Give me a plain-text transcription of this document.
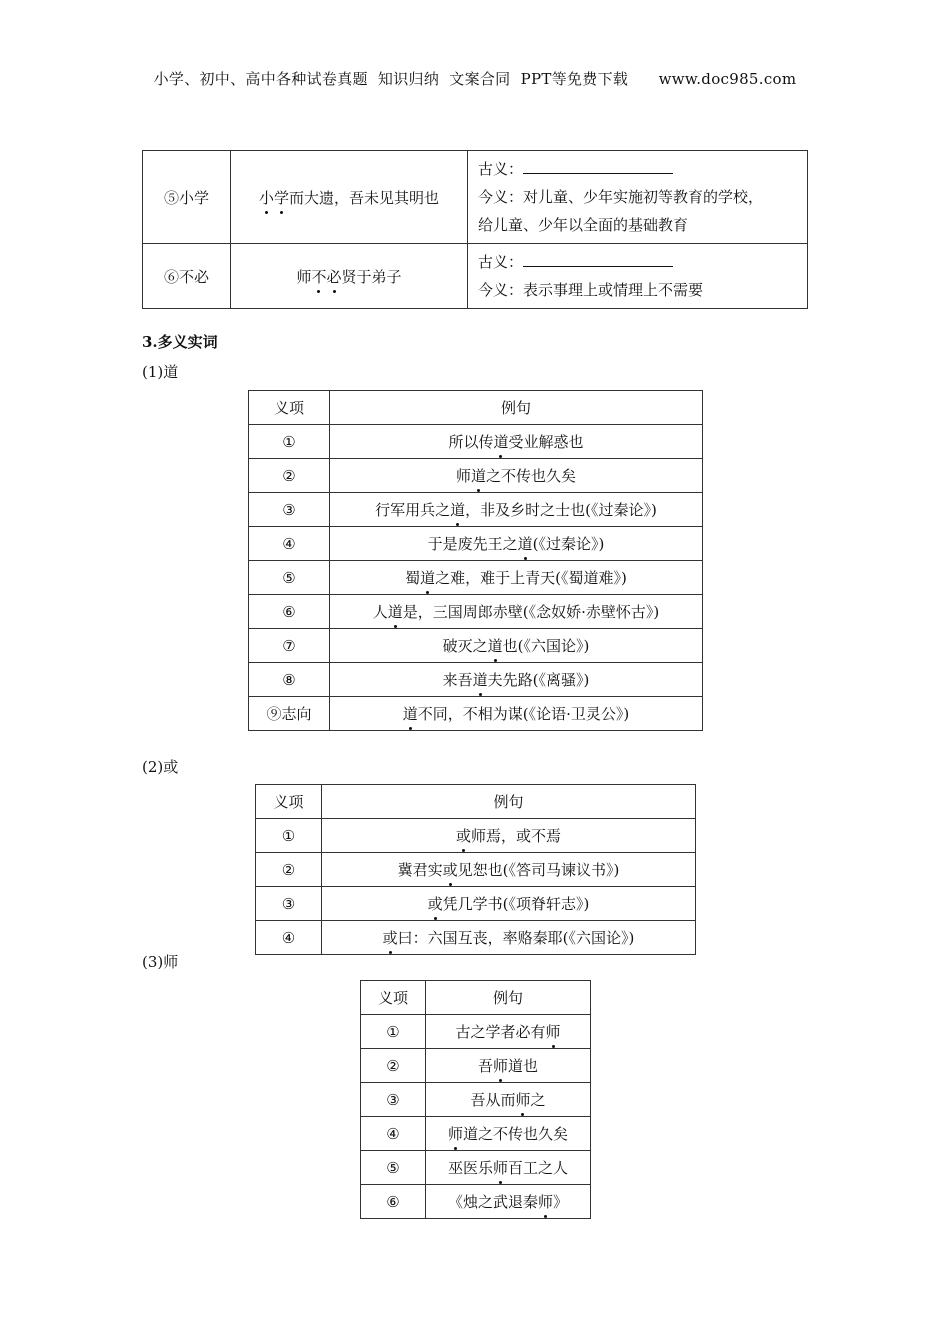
小学、初中、高中各种试卷真题  知识归纳  文案合同  PPT等免费下载      www.doc985.com
⑤小学	小学而大遗，吾未见其明也	古义：
今义：对儿童、少年实施初等教育的学校，
给儿童、少年以全面的基础教育

⑥不必	师不必贤于弟子	古义：
今义：表示事理上或情理上不需要
3.多义实词
(1)道
义项	例句
①	所以传道受业解惑也
②	师道之不传也久矣
③	行军用兵之道，非及乡时之士也(《过秦论》)
④	于是废先王之道(《过秦论》)
⑤	蜀道之难，难于上青天(《蜀道难》)
⑥	人道是，三国周郎赤壁(《念奴娇·赤壁怀古》)
⑦	破灭之道也(《六国论》)
⑧	来吾道夫先路(《离骚》)
⑨志向	道不同，不相为谋(《论语·卫灵公》)
(2)或
义项	例句
①	或师焉，或不焉
②	冀君实或见恕也(《答司马谏议书》)
③	或凭几学书(《项脊轩志》)
④	或曰：六国互丧，率赂秦耶(《六国论》)
(3)师
义项	例句
①	古之学者必有师
②	吾师道也
③	吾从而师之
④	师道之不传也久矣
⑤	巫医乐师百工之人
⑥	《烛之武退秦师》
